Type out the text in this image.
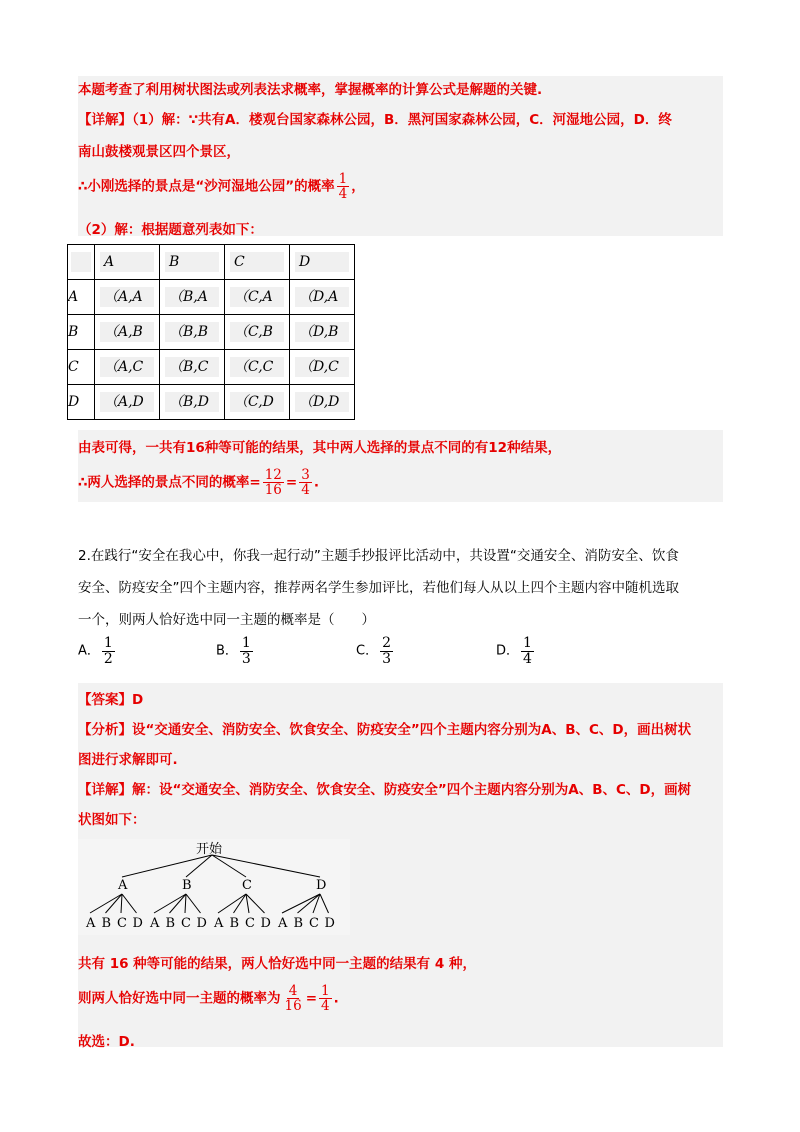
本题考查了利用树状图法或列表法求概率，掌握概率的计算公式是解题的关键.
【详解】（1）解：∵共有A．楼观台国家森林公园，B．黑河国家森林公园，C．河湿地公园，D．终
南山鼓楼观景区四个景区，
∴小刚选择的景点是“沙河湿地公园”的概率 $\frac{1}{4}$ ，
（2）解：根据题意列表如下：

	A	B	C	D

A	（A,A	（B,A	（C,A	（D,A

B	（A,B	（B,B	（C,B	（D,B

C	（A,C	（B,C	（C,C	（D,C

D	（A,D	（B,D	（C,D	（D,D
由表可得，一共有16种等可能的结果，其中两人选择的景点不同的有12种结果，
∴两人选择的景点不同的概率= $\frac{12}{16} = \frac{3}{4}$ .
2.在践行“安全在我心中，你我一起行动”主题手抄报评比活动中，共设置“交通安全、消防安全、饮食
安全、防疫安全”四个主题内容，推荐两名学生参加评比，若他们每人从以上四个主题内容中随机选取
一个，则两人恰好选中同一主题的概率是（　　）
A． $\frac{1}{2}$	B． $\frac{1}{3}$	C． $\frac{2}{3}$	D． $\frac{1}{4}$
【答案】D
【分析】设“交通安全、消防安全、饮食安全、防疫安全”四个主题内容分别为A、B、C、D，画出树状
图进行求解即可.
【详解】解：设“交通安全、消防安全、饮食安全、防疫安全”四个主题内容分别为A、B、C、D，画树
状图如下：
开始
A	B	C	D
A B C D A B C D A B C D A B C D
共有 16 种等可能的结果，两人恰好选中同一主题的结果有 4 种，
则两人恰好选中同一主题的概率为 $\frac{4}{16} = \frac{1}{4}$ .
故选：D.
